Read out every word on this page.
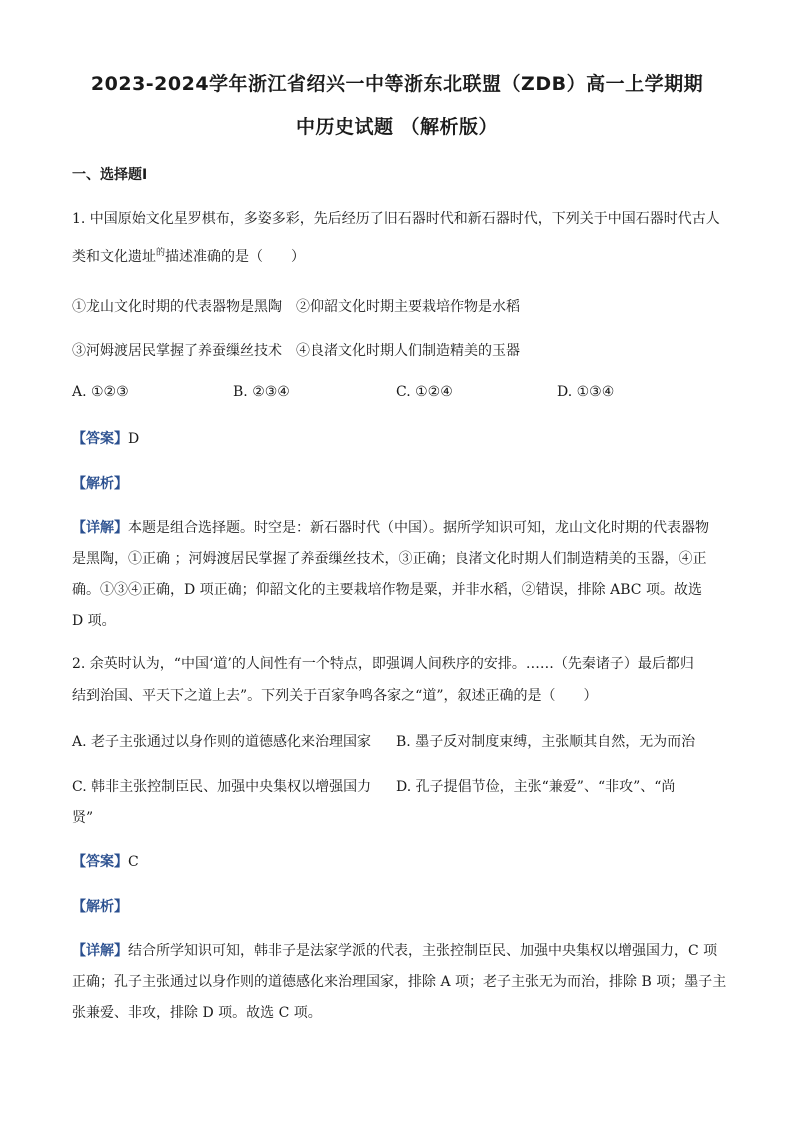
2023-2024学年浙江省绍兴一中等浙东北联盟（ZDB）高一上学期期
中历史试题 （解析版）
一、选择题Ⅰ
1. 中国原始文化星罗棋布，多姿多彩，先后经历了旧石器时代和新石器时代，下列关于中国石器时代古人
类和文化遗址$^的$描述准确的是（　　）
①龙山文化时期的代表器物是黑陶　②仰韶文化时期主要栽培作物是水稻
③河姆渡居民掌握了养蚕缫丝技术　④良渚文化时期人们制造精美的玉器
A. ①②③	B. ②③④	C. ①②④	D. ①③④
【答案】D
【解析】
【详解】本题是组合选择题。时空是：新石器时代（中国）。据所学知识可知，龙山文化时期的代表器物
是黑陶，①正确 ；河姆渡居民掌握了养蚕缫丝技术，③正确；良渚文化时期人们制造精美的玉器，④正
确。①③④正确，D 项正确；仰韶文化的主要栽培作物是粟，并非水稻，②错误，排除 ABC 项。故选
D 项。
2. 余英时认为，“中国‘道’的人间性有一个特点，即强调人间秩序的安排。……（先秦诸子）最后都归
结到治国、平天下之道上去”。下列关于百家争鸣各家之“道”，叙述正确的是（　　）
A. 老子主张通过以身作则的道德感化来治理国家 B. 墨子反对制度束缚，主张顺其自然，无为而治
C. 韩非主张控制臣民、加强中央集权以增强国力 D. 孔子提倡节俭，主张“兼爱”、“非攻”、“尚
贤”
【答案】C
【解析】
【详解】结合所学知识可知，韩非子是法家学派的代表，主张控制臣民、加强中央集权以增强国力，C 项
正确；孔子主张通过以身作则的道德感化来治理国家，排除 A 项；老子主张无为而治，排除 B 项；墨子主
张兼爱、非攻，排除 D 项。故选 C 项。
